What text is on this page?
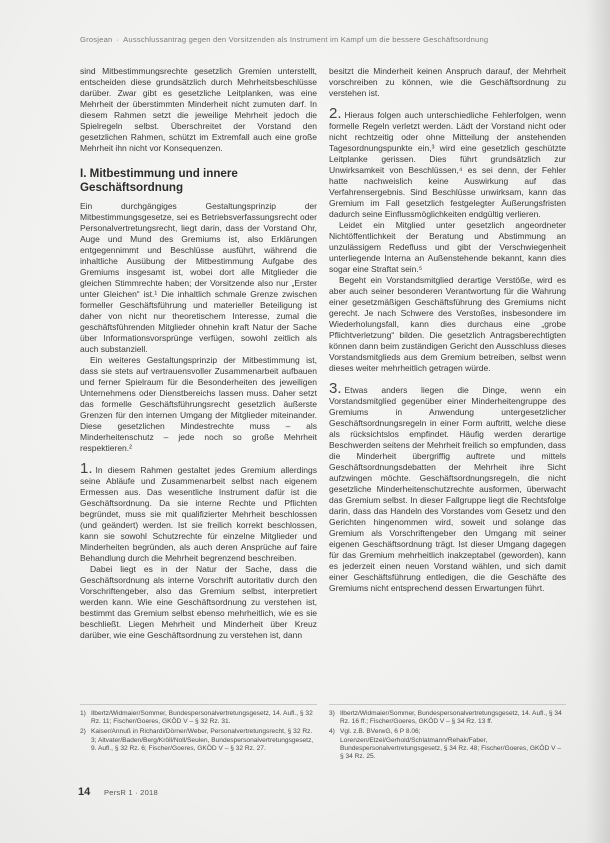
Grosjean · Ausschlussantrag gegen den Vorsitzenden als Instrument im Kampf um die bessere Geschäftsordnung

sind Mitbestimmungsrechte gesetzlich Gremien unterstellt, entscheiden diese grundsätzlich durch Mehrheitsbeschlüsse darüber. Zwar gibt es gesetzliche Leitplanken, was eine Mehrheit der überstimmten Minderheit nicht zumuten darf. In diesem Rahmen setzt die jeweilige Mehrheit jedoch die Spielregeln selbst. Überschreitet der Vorstand den gesetzlichen Rahmen, schützt im Extremfall auch eine große Mehrheit ihn nicht vor Konsequenzen.

I. Mitbestimmung und innere Geschäftsordnung

Ein durchgängiges Gestaltungsprinzip der Mitbestimmungsgesetze, sei es Betriebsverfassungsrecht oder Personalvertretungsrecht, liegt darin, dass der Vorstand Ohr, Auge und Mund des Gremiums ist, also Erklärungen entgegennimmt und Beschlüsse ausführt, während die inhaltliche Ausübung der Mitbestimmung Aufgabe des Gremiums insgesamt ist, wobei dort alle Mitglieder die gleichen Stimmrechte haben; der Vorsitzende also nur „Erster unter Gleichen“ ist.¹ Die inhaltlich schmale Grenze zwischen formeller Geschäftsführung und materieller Beteiligung ist daher von nicht nur theoretischem Interesse, zumal die geschäftsführenden Mitglieder ohnehin kraft Natur der Sache über Informationsvorsprünge verfügen, sowohl zeitlich als auch substanziell.

Ein weiteres Gestaltungsprinzip der Mitbestimmung ist, dass sie stets auf vertrauensvoller Zusammenarbeit aufbauen und ferner Spielraum für die Besonderheiten des jeweiligen Unternehmens oder Dienstbereichs lassen muss. Daher setzt das formelle Geschäftsführungsrecht gesetzlich äußerste Grenzen für den internen Umgang der Mitglieder miteinander. Diese gesetzlichen Mindestrechte muss – als Minderheitenschutz – jede noch so große Mehrheit respektieren.²

1. In diesem Rahmen gestaltet jedes Gremium allerdings seine Abläufe und Zusammenarbeit selbst nach eigenem Ermessen aus. Das wesentliche Instrument dafür ist die Geschäftsordnung. Da sie interne Rechte und Pflichten begründet, muss sie mit qualifizierter Mehrheit beschlossen (und geändert) werden. Ist sie freilich korrekt beschlossen, kann sie sowohl Schutzrechte für einzelne Mitglieder und Minderheiten begründen, als auch deren Ansprüche auf faire Behandlung durch die Mehrheit begrenzend beschreiben.

Dabei liegt es in der Natur der Sache, dass die Geschäftsordnung als interne Vorschrift autoritativ durch den Vorschriftengeber, also das Gremium selbst, interpretiert werden kann. Wie eine Geschäftsordnung zu verstehen ist, bestimmt das Gremium selbst ebenso mehrheitlich, wie es sie beschließt. Liegen Mehrheit und Minderheit über Kreuz darüber, wie eine Geschäftsordnung zu verstehen ist, dann

besitzt die Minderheit keinen Anspruch darauf, der Mehrheit vorschreiben zu können, wie die Geschäftsordnung zu verstehen ist.

2. Hieraus folgen auch unterschiedliche Fehlerfolgen, wenn formelle Regeln verletzt werden. Lädt der Vorstand nicht oder nicht rechtzeitig oder ohne Mitteilung der anstehenden Tagesordnungspunkte ein,³ wird eine gesetzlich geschützte Leitplanke gerissen. Dies führt grundsätzlich zur Unwirksamkeit von Beschlüssen,⁴ es sei denn, der Fehler hatte nachweislich keine Auswirkung auf das Verfahrensergebnis. Sind Beschlüsse unwirksam, kann das Gremium im Fall gesetzlich festgelegter Äußerungsfristen dadurch seine Einflussmöglichkeiten endgültig verlieren.

Leidet ein Mitglied unter gesetzlich angeordneter Nichtöffentlichkeit der Beratung und Abstimmung an unzulässigem Redefluss und gibt der Verschwiegenheit unterliegende Interna an Außenstehende bekannt, kann dies sogar eine Straftat sein.⁵

Begeht ein Vorstandsmitglied derartige Verstöße, wird es aber auch seiner besonderen Verantwortung für die Wahrung einer gesetzmäßigen Geschäftsführung des Gremiums nicht gerecht. Je nach Schwere des Verstoßes, insbesondere im Wiederholungsfall, kann dies durchaus eine „grobe Pflichtverletzung“ bilden. Die gesetzlich Antragsberechtigten können dann beim zuständigen Gericht den Ausschluss dieses Vorstandsmitglieds aus dem Gremium betreiben, selbst wenn dieses weiter mehrheitlich getragen würde.

3. Etwas anders liegen die Dinge, wenn ein Vorstandsmitglied gegenüber einer Minderheitengruppe des Gremiums in Anwendung untergesetzlicher Geschäftsordnungsregeln in einer Form auftritt, welche diese als rücksichtslos empfindet. Häufig werden derartige Beschwerden seitens der Mehrheit freilich so empfunden, dass die Minderheit übergriffig auftrete und mittels Geschäftsordnungsdebatten der Mehrheit ihre Sicht aufzwingen möchte. Geschäftsordnungsregeln, die nicht gesetzliche Minderheitenschutzrechte ausformen, überwacht das Gremium selbst. In dieser Fallgruppe liegt die Rechtsfolge darin, dass das Handeln des Vorstandes vom Gesetz und den Gerichten hingenommen wird, soweit und solange das Gremium als Vorschriftengeber den Umgang mit seiner eigenen Geschäftsordnung trägt. Ist dieser Umgang dagegen für das Gremium mehrheitlich inakzeptabel (geworden), kann es jederzeit einen neuen Vorstand wählen, und sich damit einer Geschäftsführung entledigen, die die Geschäfte des Gremiums nicht entsprechend dessen Erwartungen führt.

1) Ilbertz/Widmaier/Sommer, Bundespersonalvertretungsgesetz, 14. Aufl., § 32 Rz. 11; Fischer/Goeres, GKÖD V – § 32 Rz. 31.
2) Kaiser/Annuß in Richardi/Dörner/Weber, Personalvertretungsrecht, § 32 Rz. 3; Altvater/Baden/Berg/Kröll/Noll/Seulen, Bundespersonalvertretungsgesetz, 9. Aufl., § 32 Rz. 6; Fischer/Goeres, GKÖD V – § 32 Rz. 27.
3) Ilbertz/Widmaier/Sommer, Bundespersonalvertretungsgesetz, 14. Aufl., § 34 Rz. 16 ff.; Fischer/Goeres, GKÖD V – § 34 Rz. 13 ff.
4) Vgl. z.B. BVerwG, 6 P 8.06; Lorenzen/Etzel/Gerhold/Schlatmann/Rehak/Faber, Bundespersonalvertretungsgesetz, § 34 Rz. 48; Fischer/Goeres, GKÖD V – § 34 Rz. 25.
14 PersR 1 · 2018
